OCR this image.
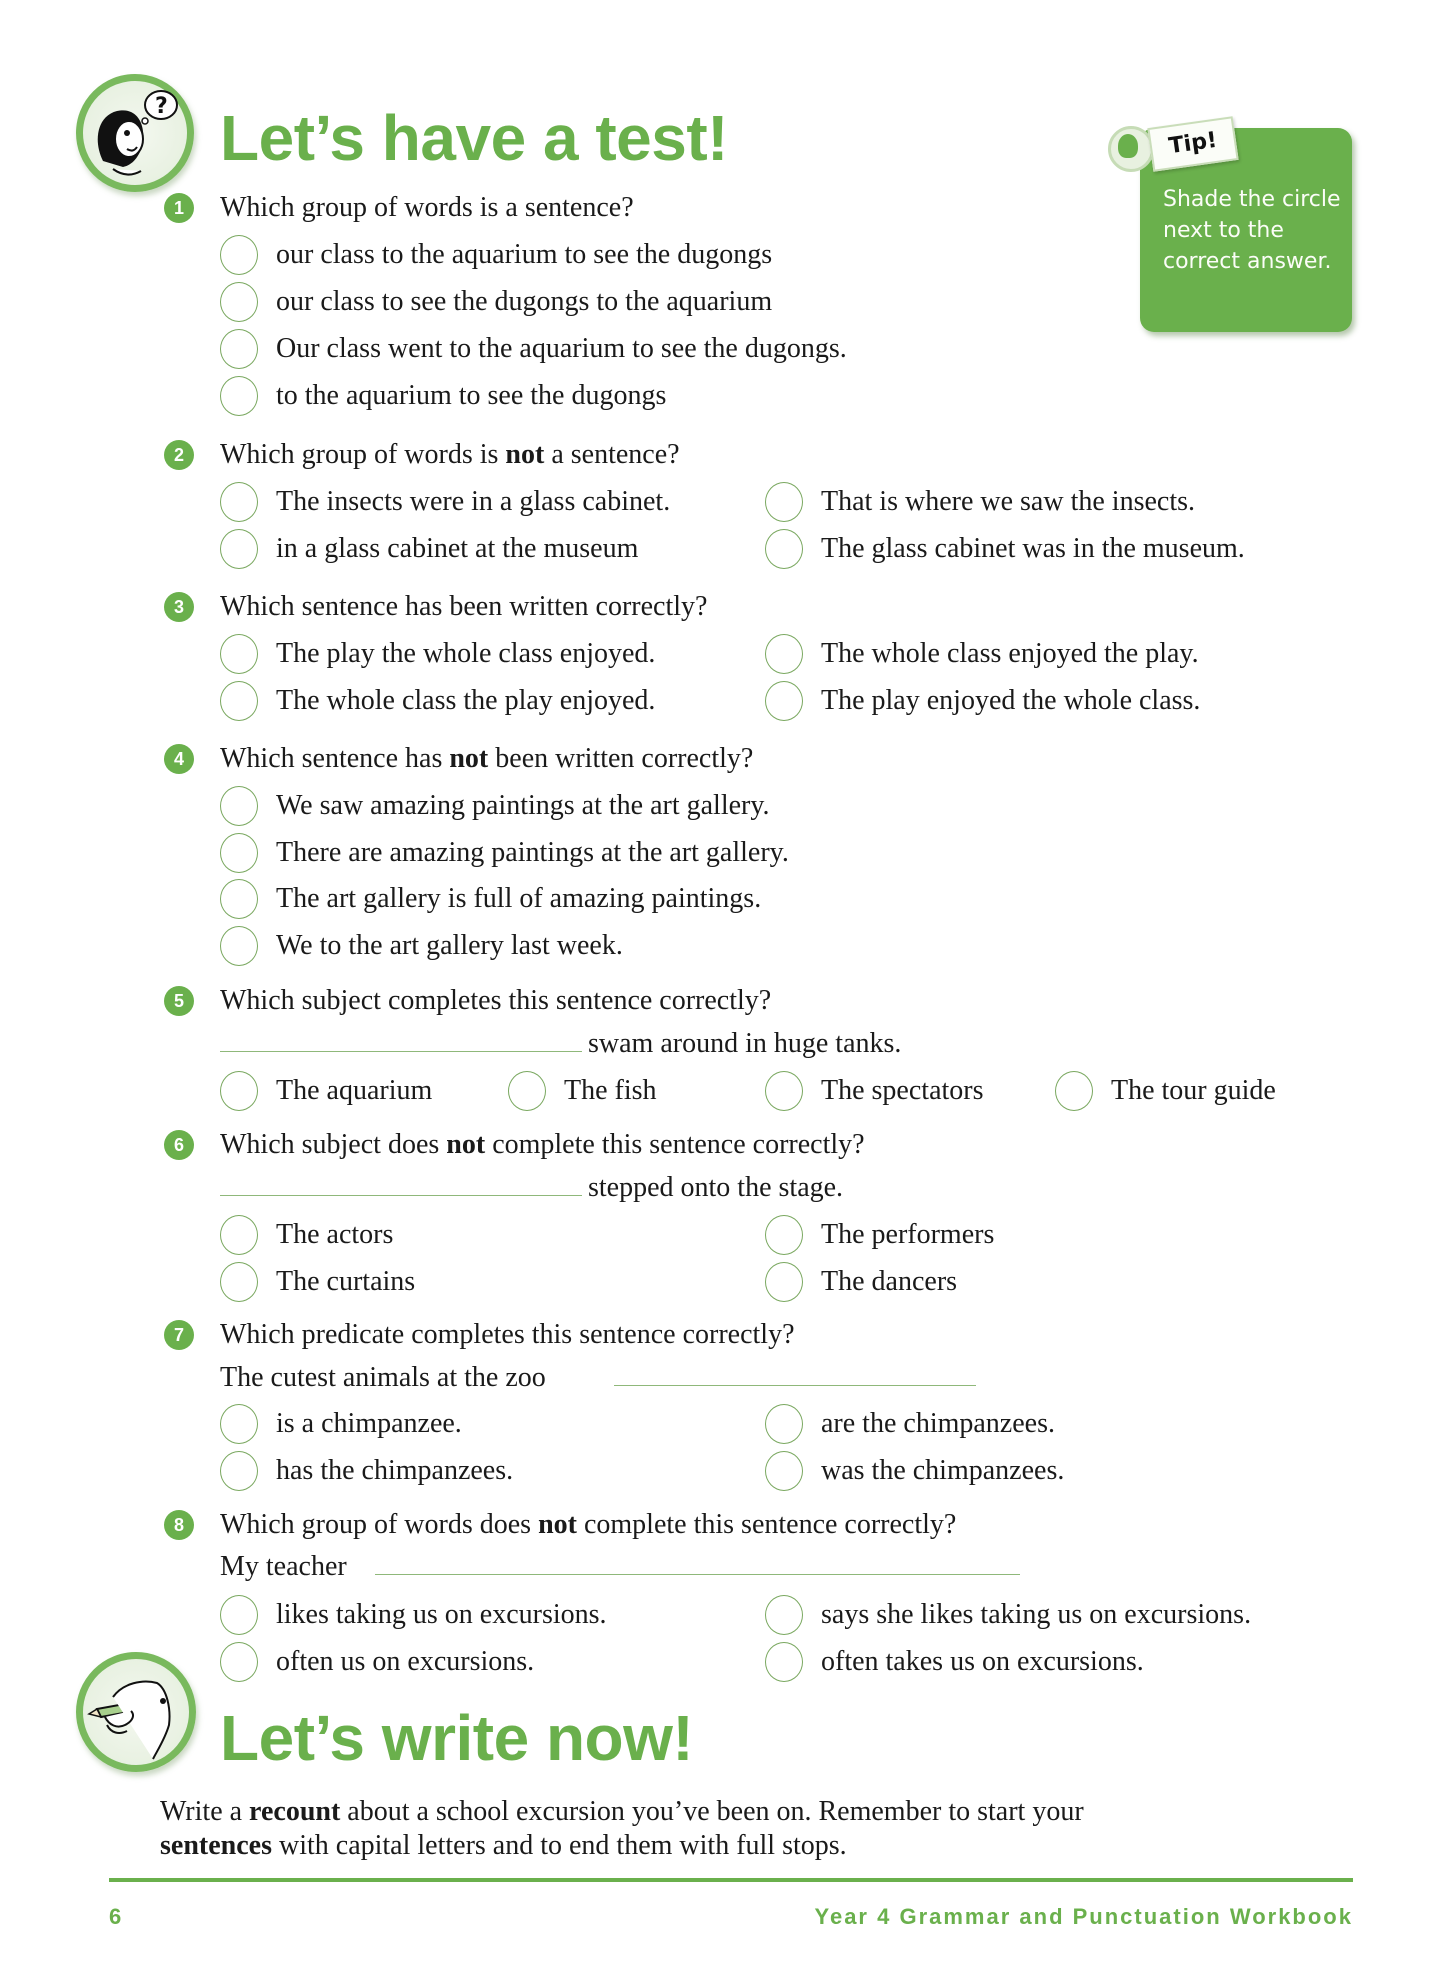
? Let’s have a test!	Tip!
Shade the circle next to the correct answer.
1	Which group of words is a sentence?
our class to the aquarium to see the dugongs
our class to see the dugongs to the aquarium
Our class went to the aquarium to see the dugongs.
to the aquarium to see the dugongs
2	Which group of words is not a sentence?
The insects were in a glass cabinet.	That is where we saw the insects.
in a glass cabinet at the museum	The glass cabinet was in the museum.
3	Which sentence has been written correctly?
The play the whole class enjoyed.	The whole class enjoyed the play.
The whole class the play enjoyed.	The play enjoyed the whole class.
4	Which sentence has not been written correctly?
We saw amazing paintings at the art gallery.
There are amazing paintings at the art gallery.
The art gallery is full of amazing paintings.
We to the art gallery last week.
5	Which subject completes this sentence correctly?
swam around in huge tanks.
The aquarium	The fish	The spectators	The tour guide
6	Which subject does not complete this sentence correctly?
stepped onto the stage.
The actors	The performers
The curtains	The dancers
7	Which predicate completes this sentence correctly?
The cutest animals at the zoo
is a chimpanzee.	are the chimpanzees.
has the chimpanzees.	was the chimpanzees.
8	Which group of words does not complete this sentence correctly?
My teacher
likes taking us on excursions.	says she likes taking us on excursions.
often us on excursions.	often takes us on excursions.
Let’s write now!
Write a recount about a school excursion you’ve been on. Remember to start your
sentences with capital letters and to end them with full stops.
6	Year 4 Grammar and Punctuation Workbook
